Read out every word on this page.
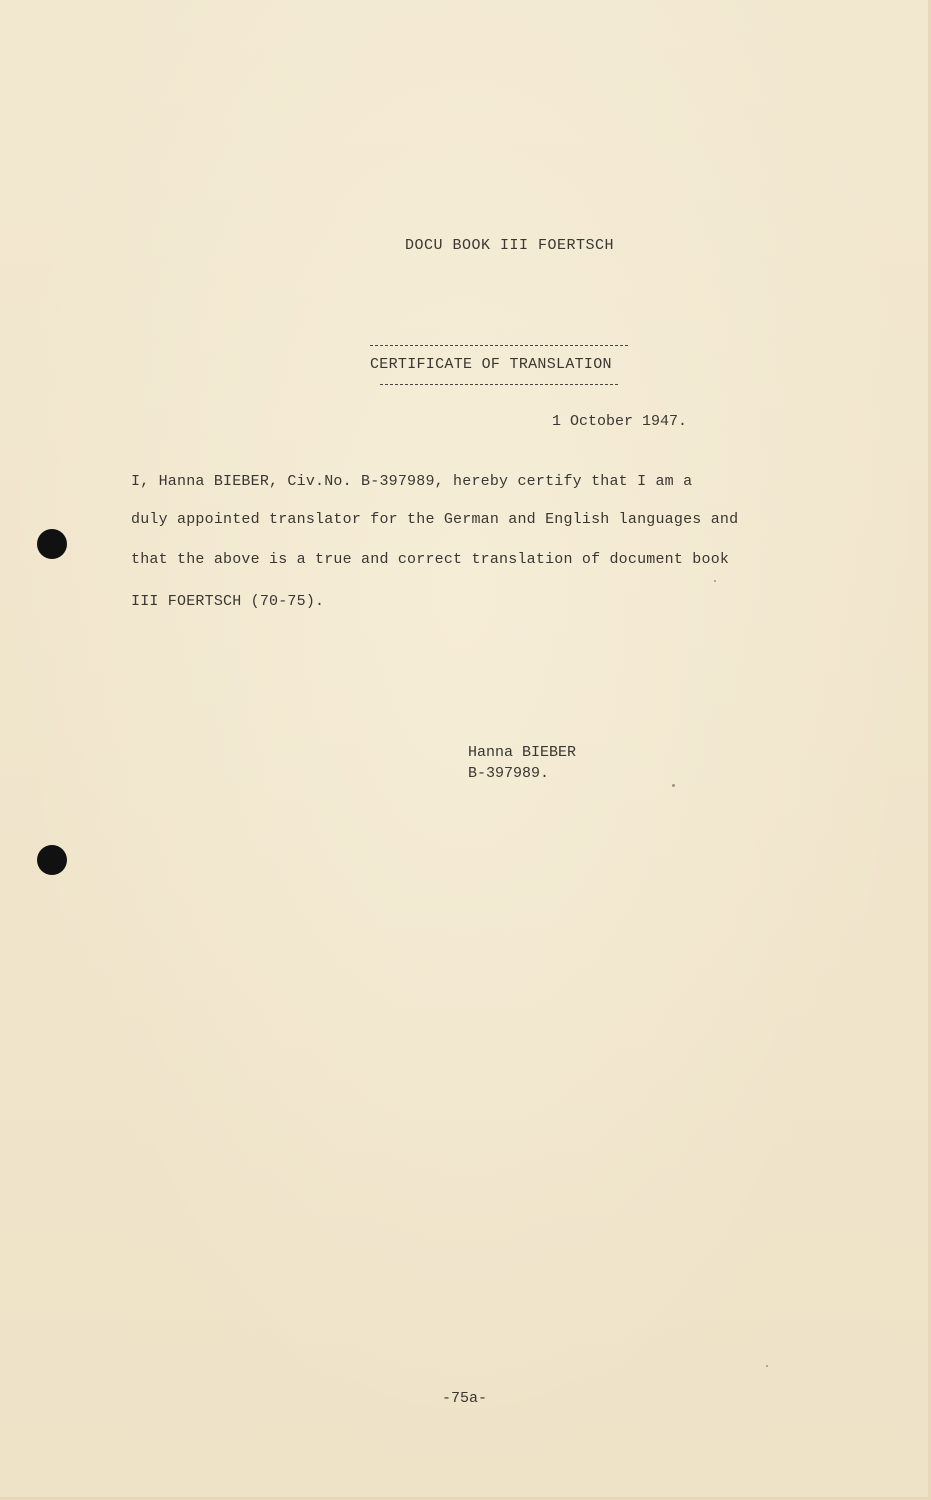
DOCU BOOK III FOERTSCH
CERTIFICATE OF TRANSLATION
1 October 1947.
I, Hanna BIEBER, Civ.No. B-397989, hereby certify that I am a
duly appointed translator for the German and English languages and
that the above is a true and correct translation of document book
III FOERTSCH (70-75).
Hanna BIEBER
B-397989.
-75a-
